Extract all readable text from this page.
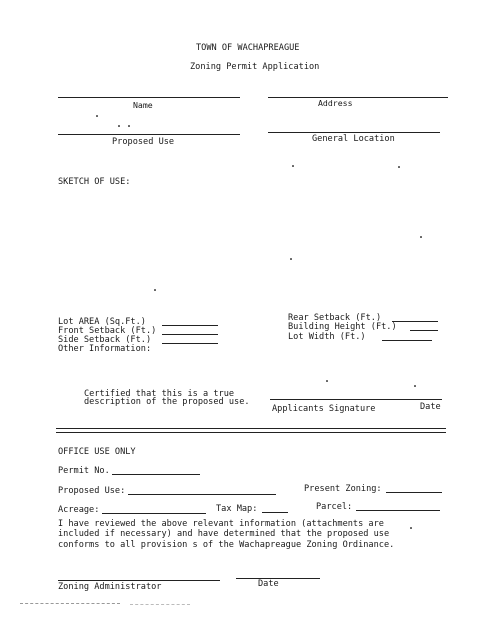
TOWN OF WACHAPREAGUE
Zoning Permit Application
Name	Address
Proposed Use	General Location
SKETCH OF USE:
Lot AREA (Sq.Ft.)
Front Setback (Ft.)
Side Setback (Ft.)
Other Information:
Rear Setback (Ft.)
Building Height (Ft.)
Lot Width (Ft.)
Certified that this is a true
description of the proposed use.
Applicants Signature	Date
OFFICE USE ONLY
Permit No.
Proposed Use:	Present Zoning:
Acreage:	Tax Map:	Parcel:
I have reviewed the above relevant information (attachments are
included if necessary) and have determined that the proposed use
conforms to all provision s of the Wachapreague Zoning Ordinance.
Zoning Administrator	Date
